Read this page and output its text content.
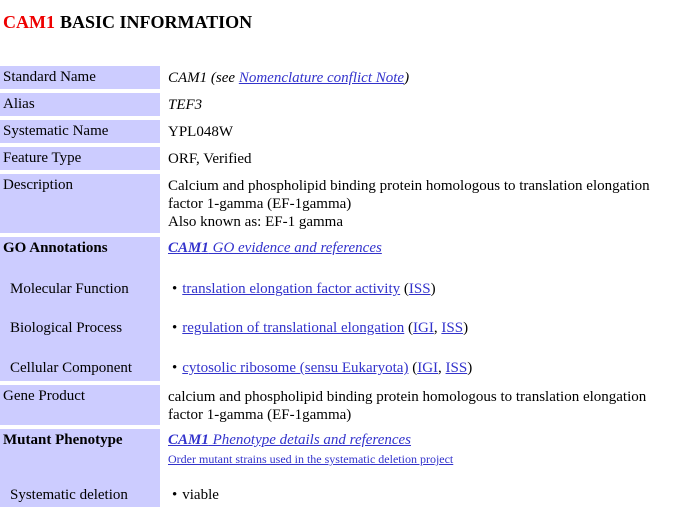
CAM1 BASIC INFORMATION
Standard Name	CAM1 (see Nomenclature conflict Note)
Alias	TEF3
Systematic Name	YPL048W
Feature Type	ORF, Verified
Description	Calcium and phospholipid binding protein homologous to translation elongation
factor 1-gamma (EF-1gamma)
Also known as: EF-1 gamma
GO Annotations	CAM1 GO evidence and references
Molecular Function	• translation elongation factor activity (ISS)
Biological Process	• regulation of translational elongation (IGI, ISS)
Cellular Component	• cytosolic ribosome (sensu Eukaryota) (IGI, ISS)
Gene Product	calcium and phospholipid binding protein homologous to translation elongation
factor 1-gamma (EF-1gamma)
Mutant Phenotype	CAM1 Phenotype details and references
Order mutant strains used in the systematic deletion project
Systematic deletion	• viable
